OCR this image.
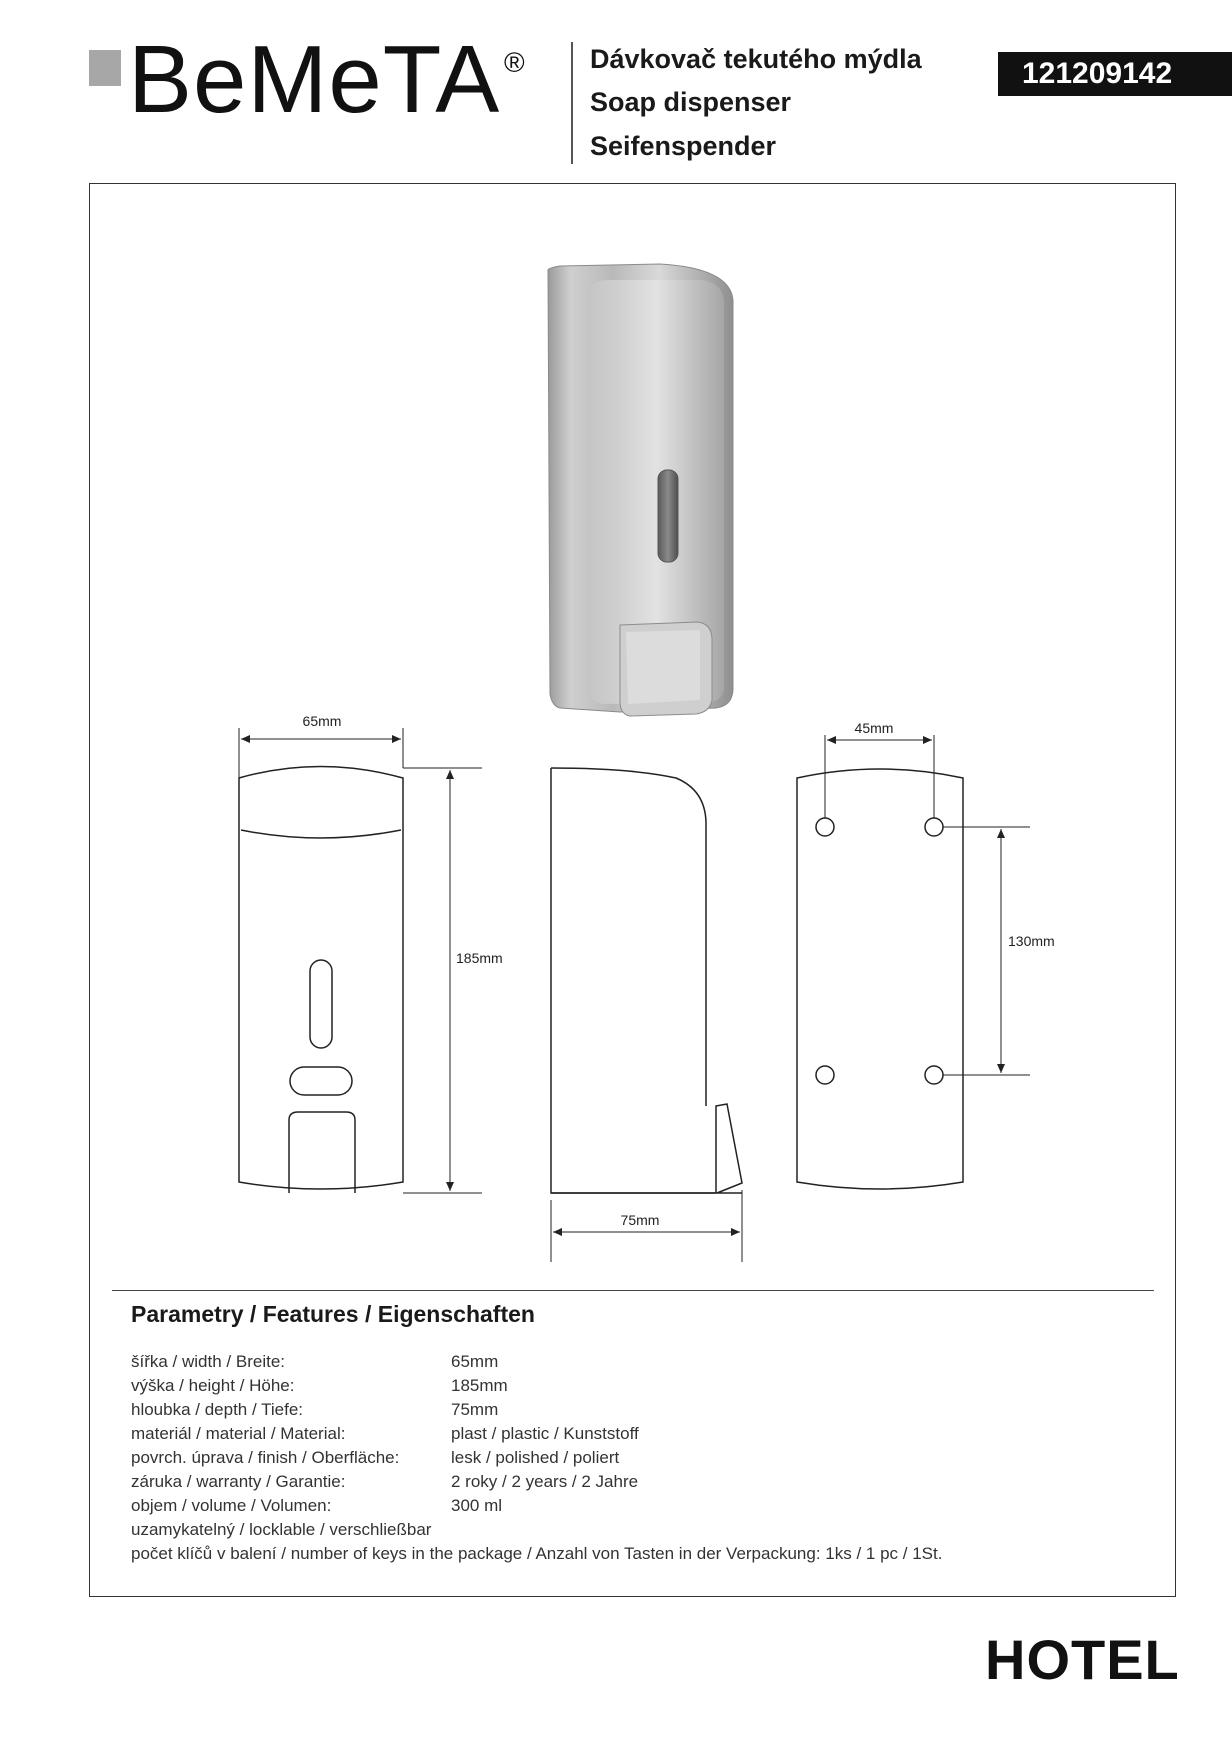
BeMeTA ® Dávkovač tekutého mýdla
Soap dispenser
Seifenspender
121209142
65mm
185mm
75mm
45mm
130mm
Parametry / Features / Eigenschaften
šířka / width / Breite:	65mm
výška / height / Höhe:	185mm
hloubka / depth / Tiefe:	75mm
materiál / material / Material:	plast / plastic / Kunststoff
povrch. úprava / finish / Oberfläche:	lesk / polished / poliert
záruka / warranty / Garantie:	2 roky / 2 years / 2 Jahre
objem / volume / Volumen:	300 ml
uzamykatelný / locklable / verschließbar
počet klíčů v balení / number of keys in the package / Anzahl von Tasten in der Verpackung: 1ks / 1 pc / 1St.
HOTEL
